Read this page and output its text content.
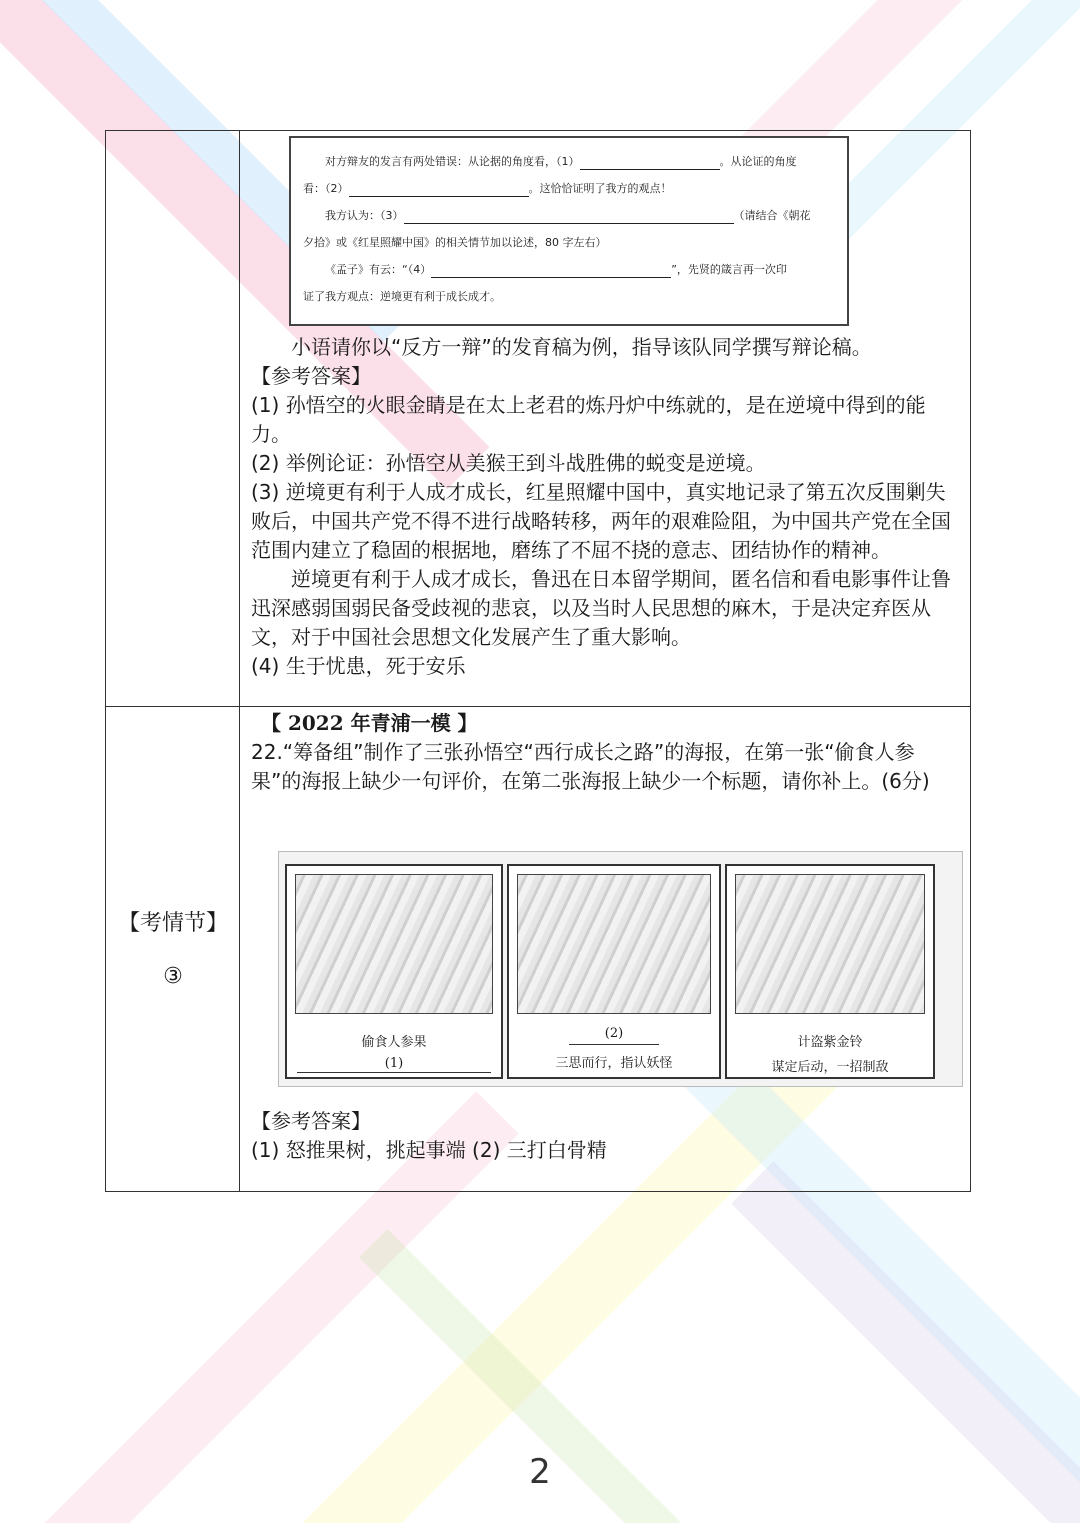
对方辩友的发言有两处错误：从论据的角度看，（1）	。从论证的角度
看：（2）	。这恰恰证明了我方的观点！
我方认为：（3）	（请结合《朝花
夕拾》或《红星照耀中国》的相关情节加以论述，80 字左右）
《孟子》有云：“（4）	”，先贤的箴言再一次印
证了我方观点：逆境更有利于成长成才。
小语请你以“反方一辩”的发育稿为例，指导该队同学撰写辩论稿。
【参考答案】
(1) 孙悟空的火眼金睛是在太上老君的炼丹炉中练就的，是在逆境中得到的能力。
(2) 举例论证：孙悟空从美猴王到斗战胜佛的蜕变是逆境。
(3) 逆境更有利于人成才成长，红星照耀中国中，真实地记录了第五次反围剿失败后，中国共产党不得不进行战略转移，两年的艰难险阻，为中国共产党在全国范围内建立了稳固的根据地，磨练了不屈不挠的意志、团结协作的精神。
逆境更有利于人成才成长，鲁迅在日本留学期间，匿名信和看电影事件让鲁迅深感弱国弱民备受歧视的悲哀，以及当时人民思想的麻木，于是决定弃医从文，对于中国社会思想文化发展产生了重大影响。
(4) 生于忧患，死于安乐
【考情节】
③
【 2022 年青浦一模 】
22.“筹备组”制作了三张孙悟空“西行成长之路”的海报，在第一张“偷食人参果”的海报上缺少一句评价，在第二张海报上缺少一个标题，请你补上。(6分)
偷食人参果
(1)
(2)
三思而行，指认妖怪
计盗紫金铃
谋定后动，一招制敌
【参考答案】
(1) 怒推果树，挑起事端 (2) 三打白骨精
2
